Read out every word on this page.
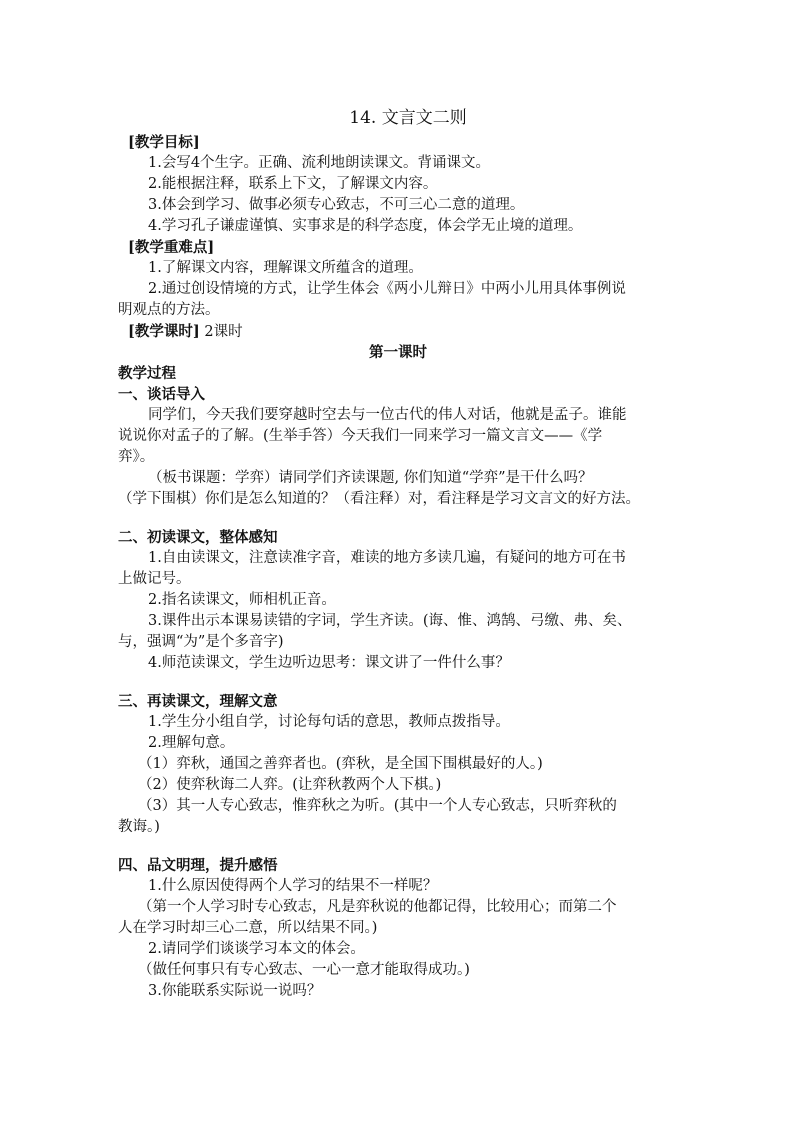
14. 文言文二则
[教学目标]
1.会写4个生字。正确、流利地朗读课文。背诵课文。
2.能根据注释，联系上下文，了解课文内容。
3.体会到学习、做事必须专心致志，不可三心二意的道理。
4.学习孔子谦虚谨慎、实事求是的科学态度，体会学无止境的道理。
[教学重难点]
1.了解课文内容，理解课文所蕴含的道理。
2.通过创设情境的方式，让学生体会《两小儿辩日》中两小儿用具体事例说
明观点的方法。
[教学课时] 2课时
第一课时
教学过程
一、谈话导入
同学们，今天我们要穿越时空去与一位古代的伟人对话，他就是孟子。谁能
说说你对孟子的了解。(生举手答）今天我们一同来学习一篇文言文——《学
弈》。
（板书课题：学弈）请同学们齐读课题, 你们知道“学弈”是干什么吗？
（学下围棋）你们是怎么知道的？（看注释）对，看注释是学习文言文的好方法。
二、初读课文，整体感知
1.自由读课文，注意读准字音，难读的地方多读几遍，有疑问的地方可在书
上做记号。
2.指名读课文，师相机正音。
3.课件出示本课易读错的字词，学生齐读。(诲、惟、鸿鹄、弓缴、弗、矣、
与，强调“为”是个多音字)
4.师范读课文，学生边听边思考：课文讲了一件什么事？
三、再读课文，理解文意
1.学生分小组自学，讨论每句话的意思，教师点拨指导。
2.理解句意。
（1）弈秋，通国之善弈者也。(弈秋，是全国下围棋最好的人。)
（2）使弈秋诲二人弈。(让弈秋教两个人下棋。)
（3）其一人专心致志，惟弈秋之为听。(其中一个人专心致志，只听弈秋的
教诲。)
四、品文明理，提升感悟
1.什么原因使得两个人学习的结果不一样呢？
（第一个人学习时专心致志，凡是弈秋说的他都记得，比较用心；而第二个
人在学习时却三心二意，所以结果不同。)
2.请同学们谈谈学习本文的体会。
（做任何事只有专心致志、一心一意才能取得成功。)
3.你能联系实际说一说吗？
